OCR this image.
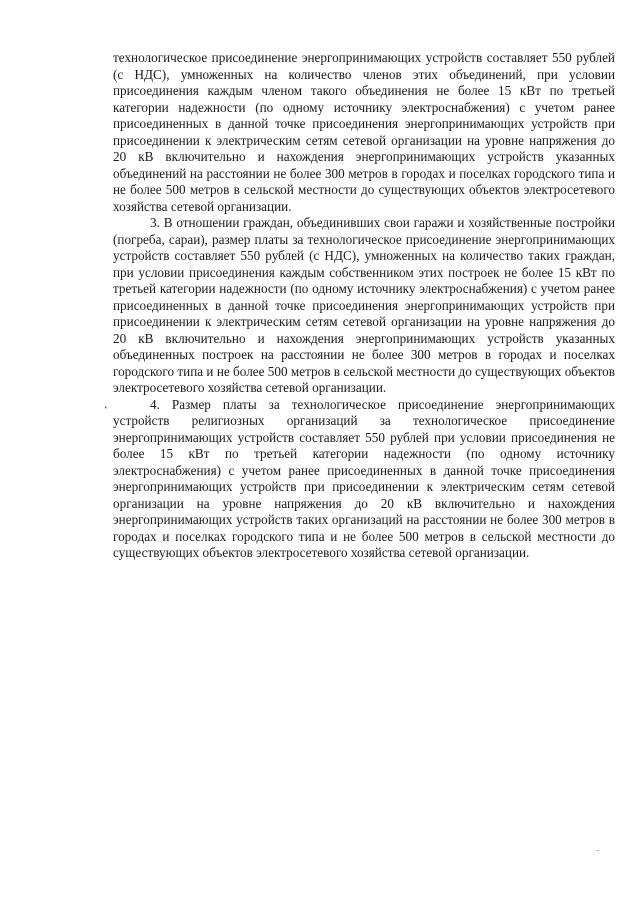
технологическое присоединение энергопринимающих устройств составляет 550 рублей (с НДС), умноженных на количество членов этих объединений, при условии присоединения каждым членом такого объединения не более 15 кВт по третьей категории надежности (по одному источнику электроснабжения) с учетом ранее присоединенных в данной точке присоединения энергопринимающих устройств при присоединении к электрическим сетям сетевой организации на уровне напряжения до 20 кВ включительно и нахождения энергопринимающих устройств указанных объединений на расстоянии не более 300 метров в городах и поселках городского типа и не более 500 метров в сельской местности до существующих объектов электросетевого хозяйства сетевой организации.

3. В отношении граждан, объединивших свои гаражи и хозяйственные постройки (погреба, сараи), размер платы за технологическое присоединение энергопринимающих устройств составляет 550 рублей (с НДС), умноженных на количество таких граждан, при условии присоединения каждым собственником этих построек не более 15 кВт по третьей категории надежности (по одному источнику электроснабжения) с учетом ранее присоединенных в данной точке присоединения энергопринимающих устройств при присоединении к электрическим сетям сетевой организации на уровне напряжения до 20 кВ включительно и нахождения энергопринимающих устройств указанных объединенных построек на расстоянии не более 300 метров в городах и поселках городского типа и не более 500 метров в сельской местности до существующих объектов электросетевого хозяйства сетевой организации.

4. Размер платы за технологическое присоединение энергопринимающих устройств религиозных организаций за технологическое присоединение энергопринимающих устройств составляет 550 рублей при условии присоединения не более 15 кВт по третьей категории надежности (по одному источнику электроснабжения) с учетом ранее присоединенных в данной точке присоединения энергопринимающих устройств при присоединении к электрическим сетям сетевой организации на уровне напряжения до 20 кВ включительно и нахождения энергопринимающих устройств таких организаций на расстоянии не более 300 метров в городах и поселках городского типа и не более 500 метров в сельской местности до существующих объектов электросетевого хозяйства сетевой организации.

‘
